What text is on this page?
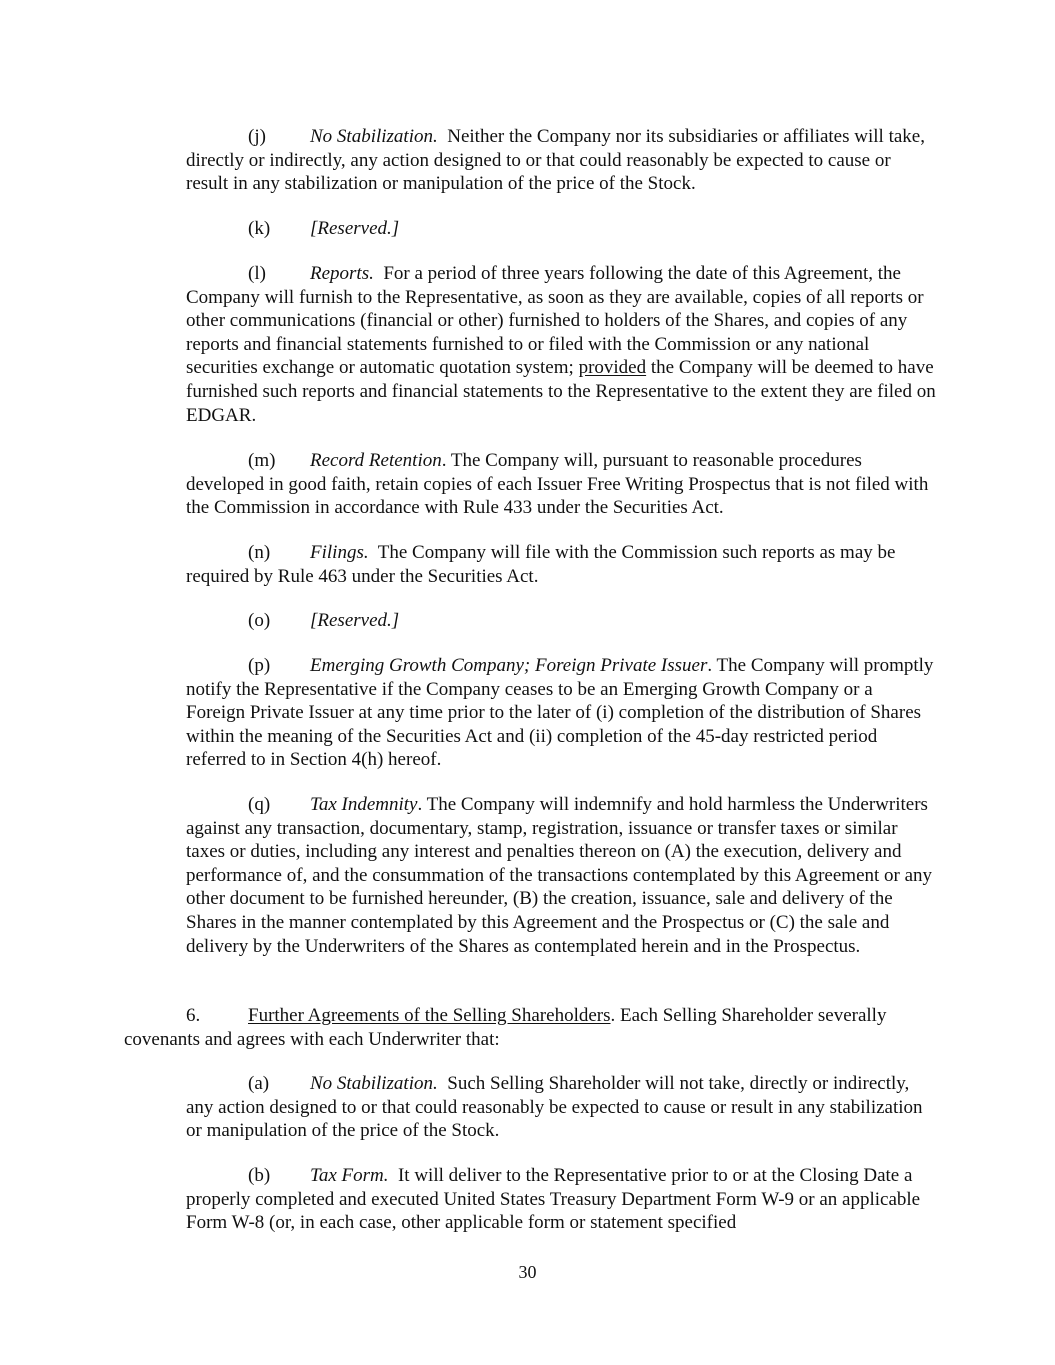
(j) No Stabilization. Neither the Company nor its subsidiaries or affiliates will take, directly or indirectly, any action designed to or that could reasonably be expected to cause or result in any stabilization or manipulation of the price of the Stock.

(k) [Reserved.]

(l) Reports. For a period of three years following the date of this Agreement, the Company will furnish to the Representative, as soon as they are available, copies of all reports or other communications (financial or other) furnished to holders of the Shares, and copies of any reports and financial statements furnished to or filed with the Commission or any national securities exchange or automatic quotation system; provided the Company will be deemed to have furnished such reports and financial statements to the Representative to the extent they are filed on EDGAR.

(m) Record Retention. The Company will, pursuant to reasonable procedures developed in good faith, retain copies of each Issuer Free Writing Prospectus that is not filed with the Commission in accordance with Rule 433 under the Securities Act.

(n) Filings. The Company will file with the Commission such reports as may be required by Rule 463 under the Securities Act.

(o) [Reserved.]

(p) Emerging Growth Company; Foreign Private Issuer. The Company will promptly notify the Representative if the Company ceases to be an Emerging Growth Company or a Foreign Private Issuer at any time prior to the later of (i) completion of the distribution of Shares within the meaning of the Securities Act and (ii) completion of the 45-day restricted period referred to in Section 4(h) hereof.

(q) Tax Indemnity. The Company will indemnify and hold harmless the Underwriters against any transaction, documentary, stamp, registration, issuance or transfer taxes or similar taxes or duties, including any interest and penalties thereon on (A) the execution, delivery and performance of, and the consummation of the transactions contemplated by this Agreement or any other document to be furnished hereunder, (B) the creation, issuance, sale and delivery of the Shares in the manner contemplated by this Agreement and the Prospectus or (C) the sale and delivery by the Underwriters of the Shares as contemplated herein and in the Prospectus.

6.	Further Agreements of the Selling Shareholders. Each Selling Shareholder severally covenants and agrees with each Underwriter that:

(a) No Stabilization. Such Selling Shareholder will not take, directly or indirectly, any action designed to or that could reasonably be expected to cause or result in any stabilization or manipulation of the price of the Stock.

(b) Tax Form. It will deliver to the Representative prior to or at the Closing Date a properly completed and executed United States Treasury Department Form W-9 or an applicable Form W-8 (or, in each case, other applicable form or statement specified

30
